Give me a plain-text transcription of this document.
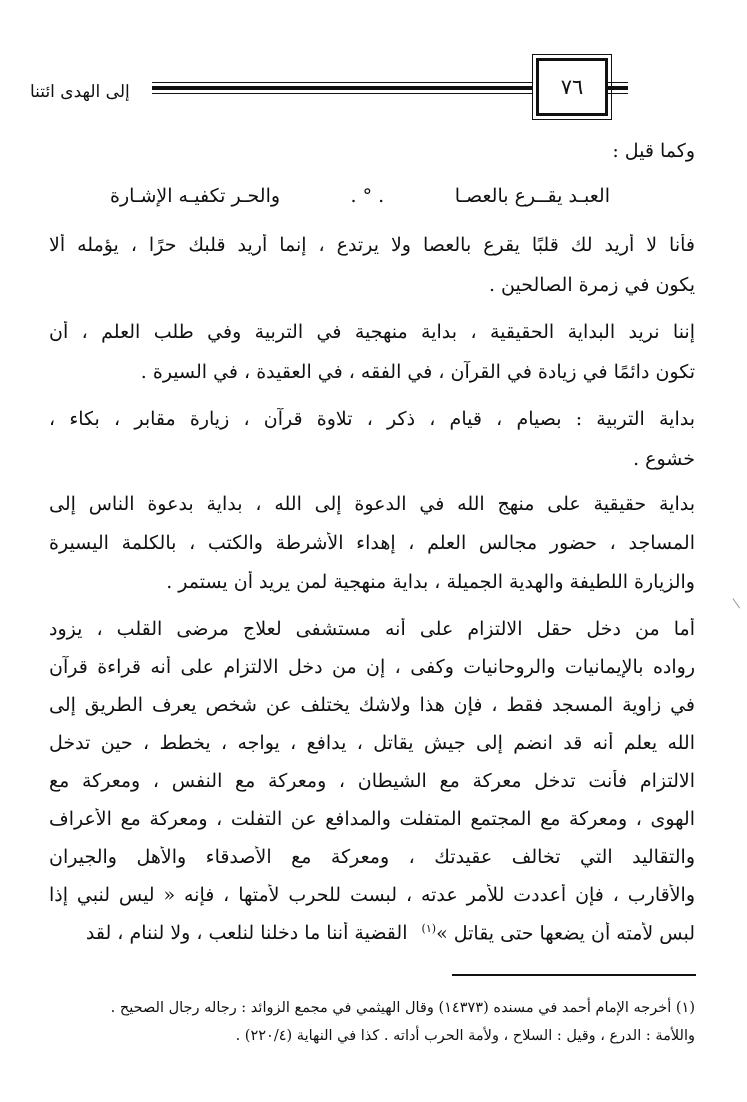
إلى الهدى ائتنا	٧٦
وكما قيل :
العبـد يقــرع بالعصـا
. ° .
والحـر تكفيـه الإشـارة
فأنا لا أريد لك قلبًا يقرع بالعصا ولا يرتدع ، إنما أريد قلبك حرًا ، يؤمله ألا
يكون في زمرة الصالحين .
إننا نريد البداية الحقيقية ، بداية منهجية في التربية وفي طلب العلم ، أن
تكون دائمًا في زيادة في القرآن ، في الفقه ، في العقيدة ، في السيرة .
بداية التربية : بصيام ، قيام ، ذكر ، تلاوة قرآن ، زيارة مقابر ، بكاء ،
خشوع .
بداية حقيقية على منهج الله في الدعوة إلى الله ، بداية بدعوة الناس إلى
المساجد ، حضور مجالس العلم ، إهداء الأشرطة والكتب ، بالكلمة اليسيرة
والزيارة اللطيفة والهدية الجميلة ، بداية منهجية لمن يريد أن يستمر .
أما من دخل حقل الالتزام على أنه مستشفى لعلاج مرضى القلب ، يزود
رواده بالإيمانيات والروحانيات وكفى ، إن من دخل الالتزام على أنه قراءة قرآن
في زاوية المسجد فقط ، فإن هذا ولاشك يختلف عن شخص يعرف الطريق إلى
الله يعلم أنه قد انضم إلى جيش يقاتل ، يدافع ، يواجه ، يخطط ، حين تدخل
الالتزام فأنت تدخل معركة مع الشيطان ، ومعركة مع النفس ، ومعركة مع
الهوى ، ومعركة مع المجتمع المتفلت والمدافع عن التفلت ، ومعركة مع الأعراف
والتقاليد التي تخالف عقيدتك ، ومعركة مع الأصدقاء والأهل والجيران
والأقارب ، فإن أعددت للأمر عدته ، لبست للحرب لأمتها ، فإنه « ليس لنبي إذا
لبس لأمته أن يضعها حتى يقاتل »$^{(١)}$ القضية أننا ما دخلنا لنلعب ، ولا لننام ، لقد
(١) أخرجه الإمام أحمد في مسنده (١٤٣٧٣) وقال الهيثمي في مجمع الزوائد : رجاله رجال الصحيح .
واللأمة : الدرع ، وقيل : السلاح ، ولأمة الحرب أداته . كذا في النهاية (٢٢٠/٤) .
